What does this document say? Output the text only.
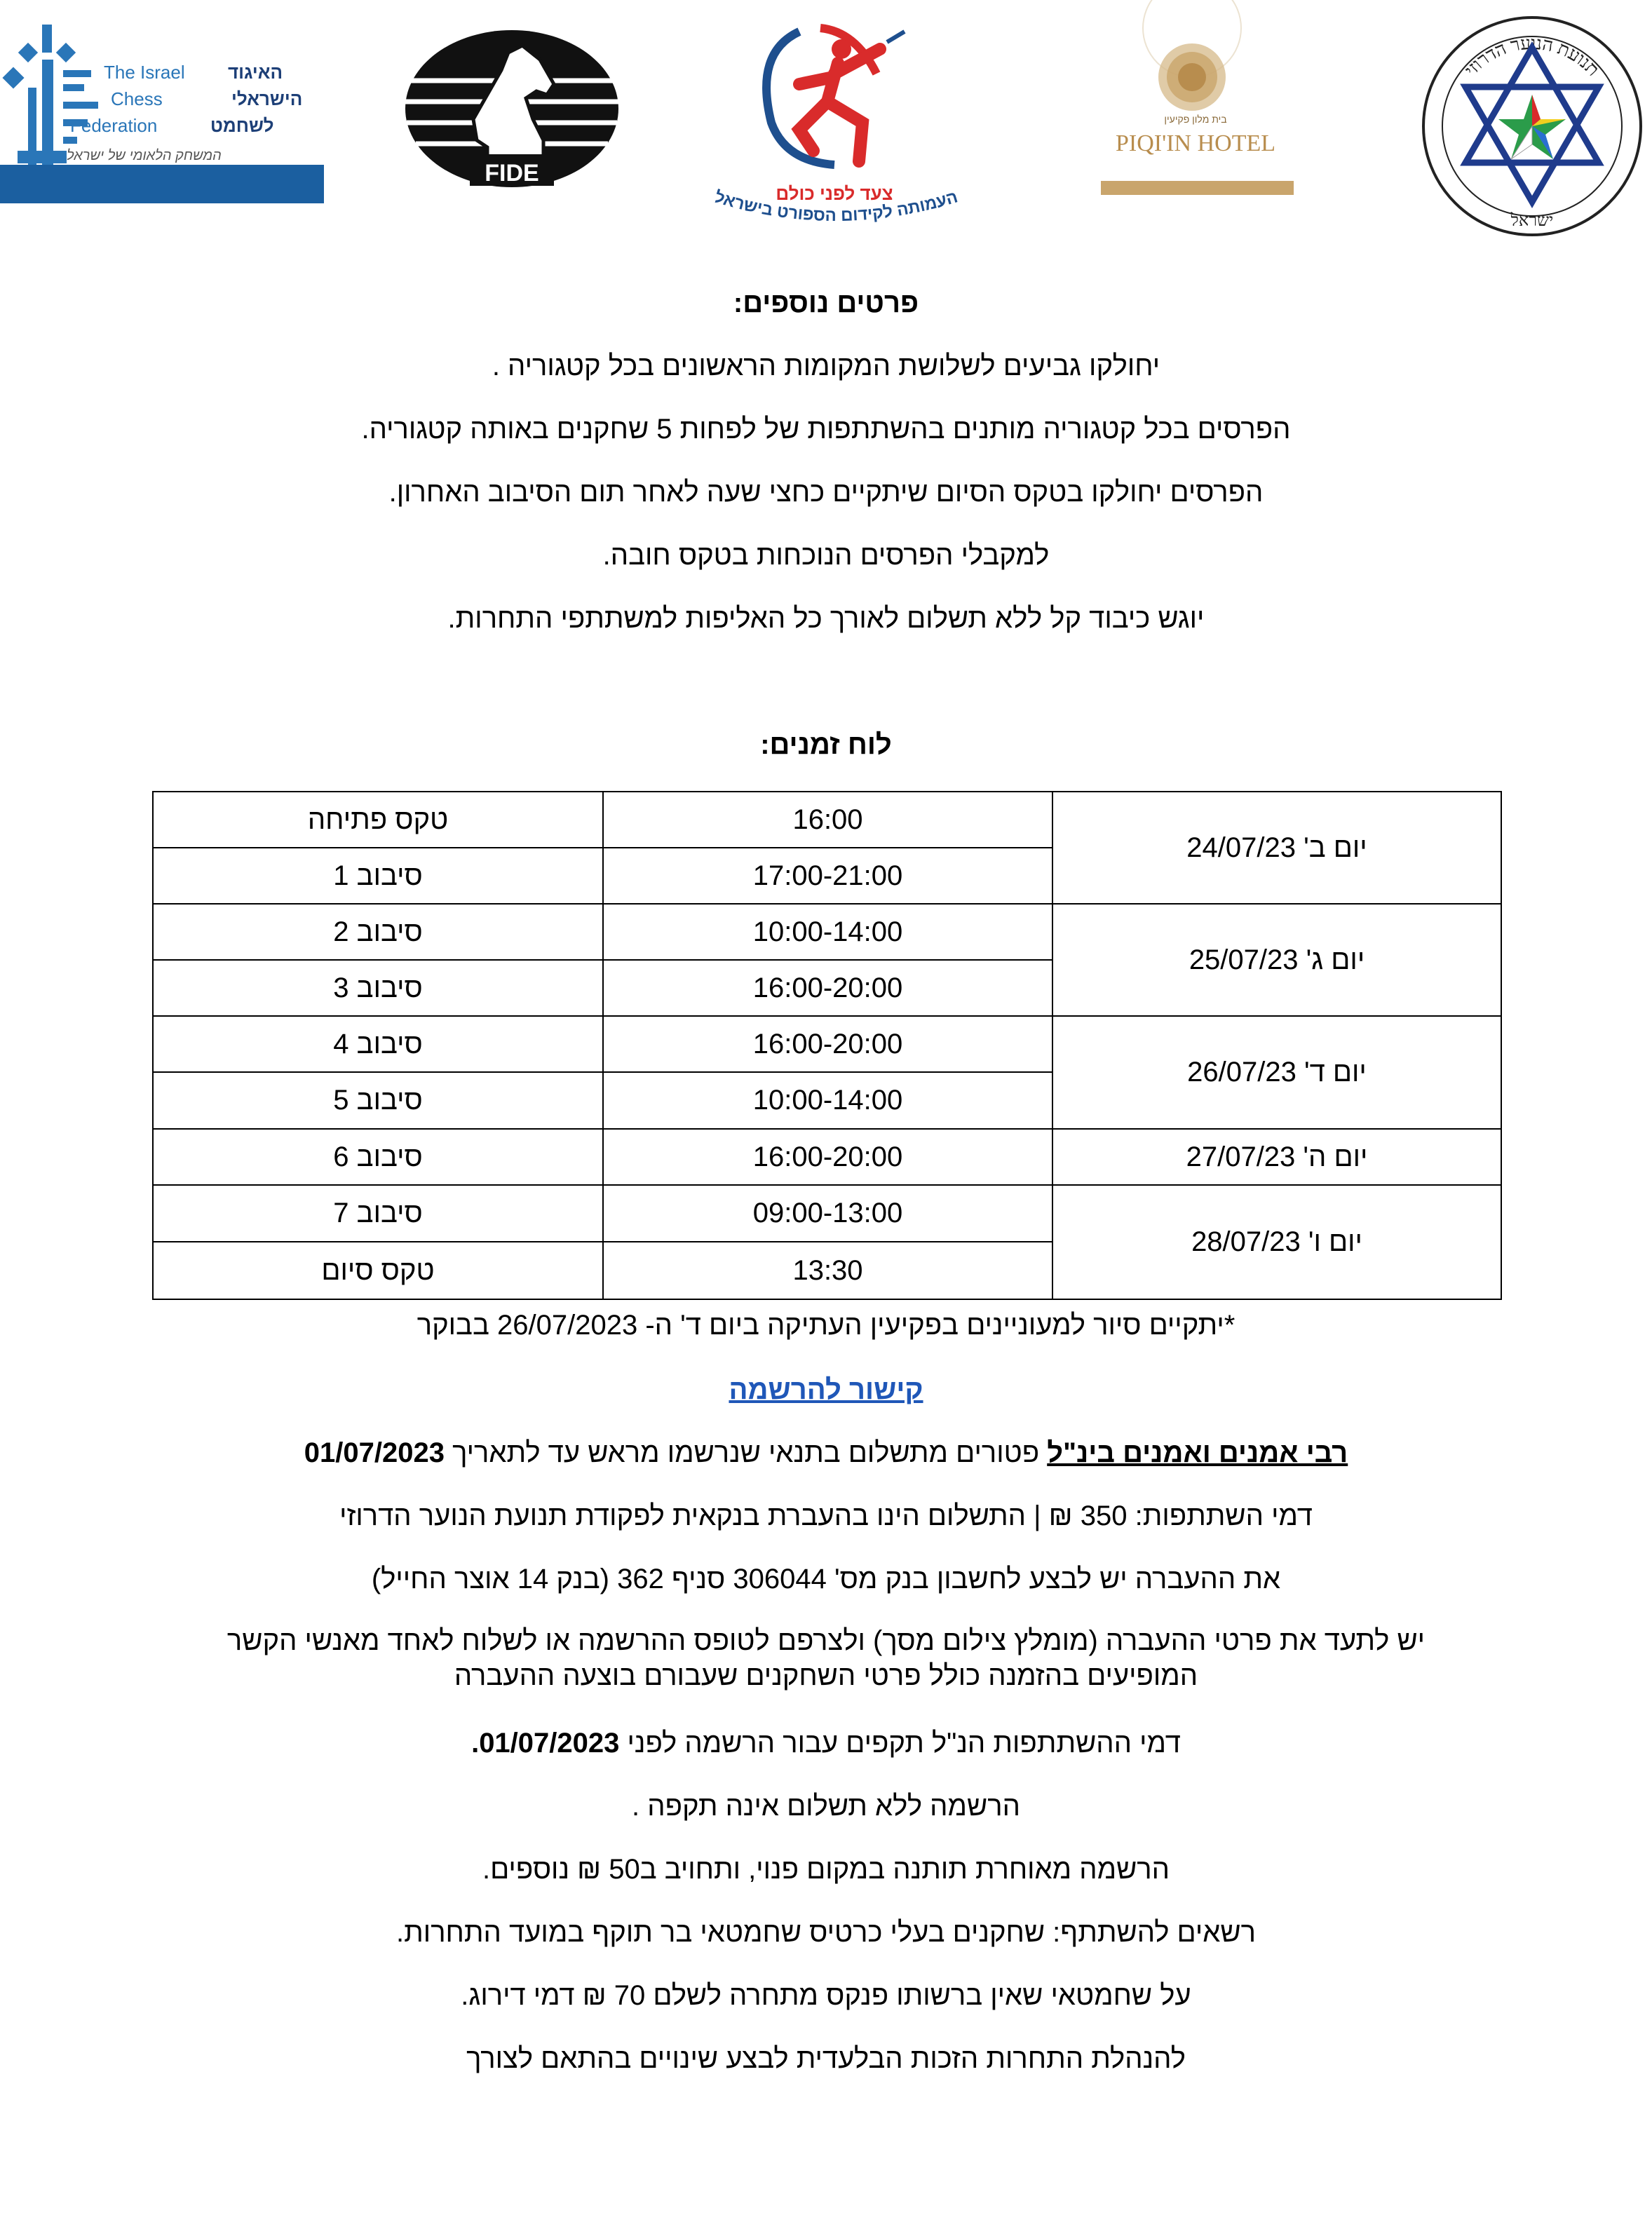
The Israel האיגוד
Chess	הישראלי
Federation	לשחמט
המשחק הלאומי של ישראל
FIDE
צעד לפני כולם
העמותה לקידום הספורט בישראל
בית מלון פקיעין
PIQI'IN HOTEL
תנועת הנוער הדרוזי
ישראל
פרטים נוספים:
יחולקו גביעים לשלושת המקומות הראשונים בכל קטגוריה .
הפרסים בכל קטגוריה מותנים בהשתתפות של לפחות 5 שחקנים באותה קטגוריה.
הפרסים יחולקו בטקס הסיום שיתקיים כחצי שעה לאחר תום הסיבוב האחרון.
למקבלי הפרסים הנוכחות בטקס חובה.
יוגש כיבוד קל ללא תשלום לאורך כל האליפות למשתתפי התחרות.
לוח זמנים:
יום ב' 24/07/23
יום ג' 25/07/23
יום ד' 26/07/23
יום ה' 27/07/23
יום ו' 28/07/23
16:00
טקס פתיחה
17:00-21:00
סיבוב 1
10:00-14:00
סיבוב 2
16:00-20:00
סיבוב 3
16:00-20:00
סיבוב 4
10:00-14:00
סיבוב 5
16:00-20:00
סיבוב 6
09:00-13:00
סיבוב 7
13:30
טקס סיום
*יתקיים סיור למעוניינים בפקיעין העתיקה ביום ד' ה- 26/07/2023 בבוקר
קישור להרשמה
רבי אמנים ואמנים בינ"ל פטורים מתשלום בתנאי שנרשמו מראש עד לתאריך 01/07/2023
דמי השתתפות: 350 ₪ | התשלום הינו בהעברת בנקאית לפקודת תנועת הנוער הדרוזי
את ההעברה יש לבצע לחשבון בנק מס' 306044 סניף 362 (בנק 14 אוצר החייל)
יש לתעד את פרטי ההעברה (מומלץ צילום מסך) ולצרפם לטופס ההרשמה או לשלוח לאחד מאנשי הקשר
המופיעים בהזמנה כולל פרטי השחקנים שעבורם בוצעה ההעברה
דמי ההשתתפות הנ"ל תקפים עבור הרשמה לפני 01/07/2023.
הרשמה ללא תשלום אינה תקפה .
הרשמה מאוחרת תותנה במקום פנוי, ותחויב ב50 ₪ נוספים.
רשאים להשתתף: שחקנים בעלי כרטיס שחמטאי בר תוקף במועד התחרות.
על שחמטאי שאין ברשותו פנקס מתחרה לשלם 70 ₪ דמי דירוג.
להנהלת התחרות הזכות הבלעדית לבצע שינויים בהתאם לצורך
